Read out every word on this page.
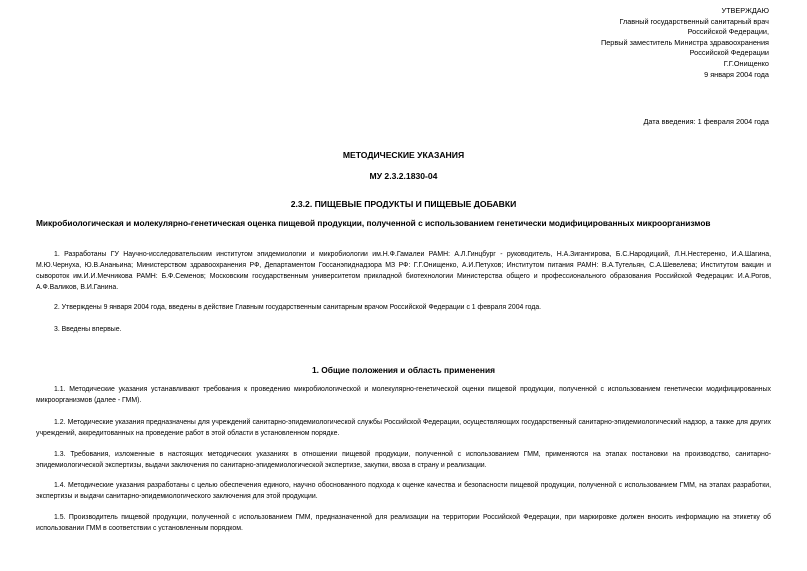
УТВЕРЖДАЮ
Главный государственный санитарный врач
Российской Федерации,
Первый заместитель Министра здравоохранения
Российской Федерации
Г.Г.Онищенко
9 января 2004 года
Дата введения: 1 февраля 2004 года
МЕТОДИЧЕСКИЕ УКАЗАНИЯ
МУ 2.3.2.1830-04
2.3.2. ПИЩЕВЫЕ ПРОДУКТЫ И ПИЩЕВЫЕ ДОБАВКИ
Микробиологическая и молекулярно-генетическая оценка пищевой продукции, полученной с использованием генетически модифицированных микроорганизмов
1. Разработаны ГУ Научно-исследовательским институтом эпидемиологии и микробиологии им.Н.Ф.Гамалеи РАМН: А.Л.Гинцбург - руководитель, Н.А.Зигангирова, Б.С.Народицкий, Л.Н.Нестеренко, И.А.Шагина, М.Ю.Чернуха, Ю.В.Ананьина; Министерством здравоохранения РФ, Департаментом Госсанэпиднадзора МЗ РФ: Г.Г.Онищенко, А.И.Петухов; Институтом питания РАМН: В.А.Тутельян, С.А.Шевелева; Институтом вакцин и сывороток им.И.И.Мечникова РАМН: Б.Ф.Семенов; Московским государственным университетом прикладной биотехнологии Министерства общего и профессионального образования Российской Федерации: И.А.Рогов, А.Ф.Валиков, В.И.Ганина.
2. Утверждены 9 января 2004 года, введены в действие Главным государственным санитарным врачом Российской Федерации с 1 февраля 2004 года.
3. Введены впервые.
1. Общие положения и область применения
1.1. Методические указания устанавливают требования к проведению микробиологической и молекулярно-генетической оценки пищевой продукции, полученной с использованием генетически модифицированных микроорганизмов (далее - ГММ).
1.2. Методические указания предназначены для учреждений санитарно-эпидемиологической службы Российской Федерации, осуществляющих государственный санитарно-эпидемиологический надзор, а также для других учреждений, аккредитованных на проведение работ в этой области в установленном порядке.
1.3. Требования, изложенные в настоящих методических указаниях в отношении пищевой продукции, полученной с использованием ГММ, применяются на этапах постановки на производство, санитарно-эпидемиологической экспертизы, выдачи заключения по санитарно-эпидемиологической экспертизе, закупки, ввоза в страну и реализации.
1.4. Методические указания разработаны с целью обеспечения единого, научно обоснованного подхода к оценке качества и безопасности пищевой продукции, полученной с использованием ГММ, на этапах разработки, экспертизы и выдачи санитарно-эпидемиологического заключения для этой продукции.
1.5. Производитель пищевой продукции, полученной с использованием ГММ, предназначенной для реализации на территории Российской Федерации, при маркировке должен вносить информацию на этикетку об использовании ГММ в соответствии с установленным порядком.
